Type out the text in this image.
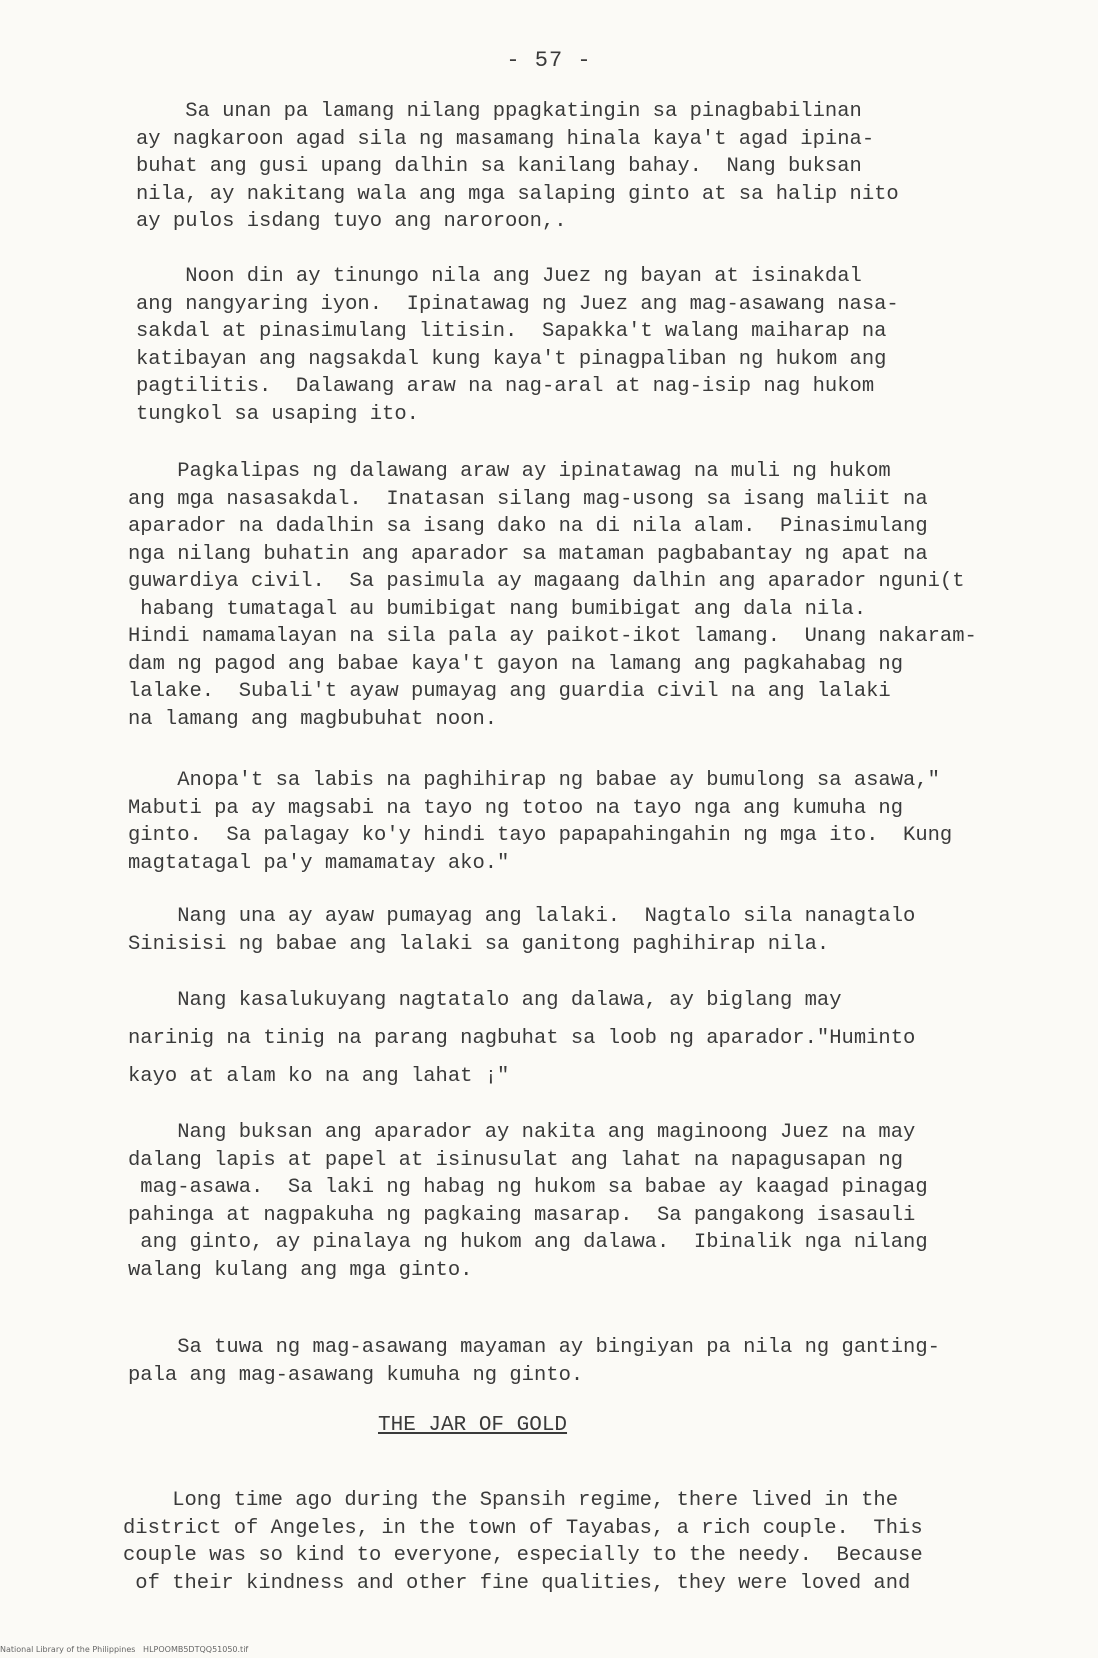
- 57 -
Sa unan pa lamang nilang ppagkatingin sa pinagbabilinan
ay nagkaroon agad sila ng masamang hinala kaya't agad ipina-
buhat ang gusi upang dalhin sa kanilang bahay.  Nang buksan
nila, ay nakitang wala ang mga salaping ginto at sa halip nito
ay pulos isdang tuyo ang naroroon,.
Noon din ay tinungo nila ang Juez ng bayan at isinakdal
ang nangyaring iyon.  Ipinatawag ng Juez ang mag-asawang nasa-
sakdal at pinasimulang litisin.  Sapakka't walang maiharap na
katibayan ang nagsakdal kung kaya't pinagpaliban ng hukom ang
pagtilitis.  Dalawang araw na nag-aral at nag-isip nag hukom
tungkol sa usaping ito.
Pagkalipas ng dalawang araw ay ipinatawag na muli ng hukom
ang mga nasasakdal.  Inatasan silang mag-usong sa isang maliit na
aparador na dadalhin sa isang dako na di nila alam.  Pinasimulang
nga nilang buhatin ang aparador sa mataman pagbabantay ng apat na
guwardiya civil.  Sa pasimula ay magaang dalhin ang aparador nguni(t
habang tumatagal au bumibigat nang bumibigat ang dala nila.
Hindi namamalayan na sila pala ay paikot-ikot lamang.  Unang nakaram-
dam ng pagod ang babae kaya't gayon na lamang ang pagkahabag ng
lalake.  Subali't ayaw pumayag ang guardia civil na ang lalaki
na lamang ang magbubuhat noon.
Anopa't sa labis na paghihirap ng babae ay bumulong sa asawa,"
Mabuti pa ay magsabi na tayo ng totoo na tayo nga ang kumuha ng
ginto.  Sa palagay ko'y hindi tayo papapahingahin ng mga ito.  Kung
magtatagal pa'y mamamatay ako."
Nang una ay ayaw pumayag ang lalaki.  Nagtalo sila nanagtalo
Sinisisi ng babae ang lalaki sa ganitong paghihirap nila.
Nang kasalukuyang nagtatalo ang dalawa, ay biglang may
narinig na tinig na parang nagbuhat sa loob ng aparador."Huminto
kayo at alam ko na ang lahat ¡"
Nang buksan ang aparador ay nakita ang maginoong Juez na may
dalang lapis at papel at isinusulat ang lahat na napagusapan ng
mag-asawa.  Sa laki ng habag ng hukom sa babae ay kaagad pinagag
pahinga at nagpakuha ng pagkaing masarap.  Sa pangakong isasauli
ang ginto, ay pinalaya ng hukom ang dalawa.  Ibinalik nga nilang
walang kulang ang mga ginto.
Sa tuwa ng mag-asawang mayaman ay bingiyan pa nila ng ganting-
pala ang mag-asawang kumuha ng ginto.
THE JAR OF GOLD
Long time ago during the Spansih regime, there lived in the
district of Angeles, in the town of Tayabas, a rich couple.  This
couple was so kind to everyone, especially to the needy.  Because
of their kindness and other fine qualities, they were loved and
National Library of the Philippines   HLPOOMB5DTQQ51050.tif
